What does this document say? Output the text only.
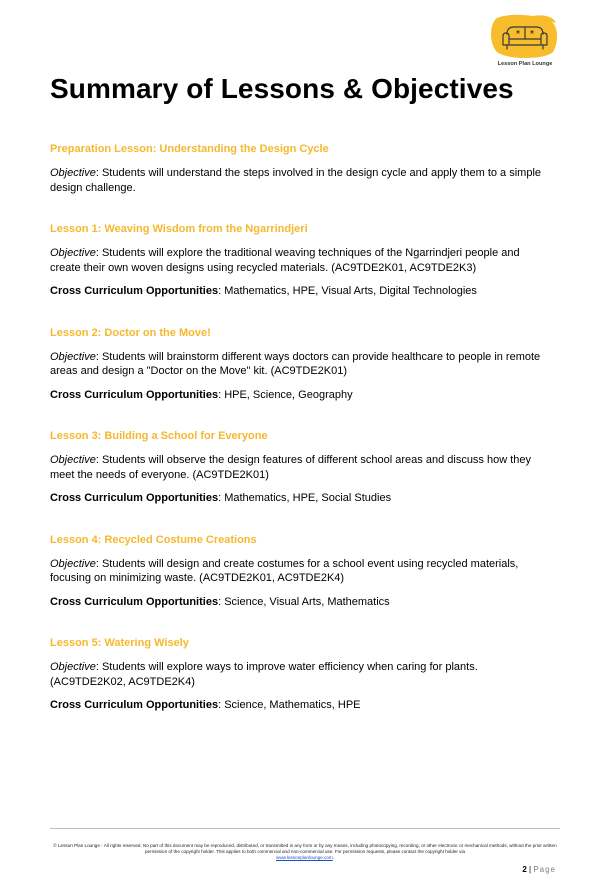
Lesson Plan Lounge
Summary of Lessons & Objectives
Preparation Lesson: Understanding the Design Cycle

Objective: Students will understand the steps involved in the design cycle and apply them to a simple design challenge.

Lesson 1: Weaving Wisdom from the Ngarrindjeri

Objective: Students will explore the traditional weaving techniques of the Ngarrindjeri people and create their own woven designs using recycled materials. (AC9TDE2K01, AC9TDE2K3)

Cross Curriculum Opportunities: Mathematics, HPE, Visual Arts, Digital Technologies

Lesson 2: Doctor on the Move!

Objective: Students will brainstorm different ways doctors can provide healthcare to people in remote areas and design a "Doctor on the Move" kit. (AC9TDE2K01)

Cross Curriculum Opportunities: HPE, Science, Geography

Lesson 3: Building a School for Everyone

Objective: Students will observe the design features of different school areas and discuss how they meet the needs of everyone. (AC9TDE2K01)

Cross Curriculum Opportunities: Mathematics, HPE, Social Studies

Lesson 4: Recycled Costume Creations

Objective: Students will design and create costumes for a school event using recycled materials, focusing on minimizing waste. (AC9TDE2K01, AC9TDE2K4)

Cross Curriculum Opportunities: Science, Visual Arts, Mathematics

Lesson 5: Watering Wisely

Objective: Students will explore ways to improve water efficiency when caring for plants. (AC9TDE2K02, AC9TDE2K4)

Cross Curriculum Opportunities: Science, Mathematics, HPE

© Lesson Plan Lounge - All rights reserved. No part of this document may be reproduced, distributed, or transmitted in any form or by any means, including photocopying, recording, or other electronic or mechanical methods, without the prior written permission of the copyright holder. This applies to both commercial and non-commercial use. For permission requests, please contact the copyright holder via
www.lessonplanlounge.com.
2 | Page
